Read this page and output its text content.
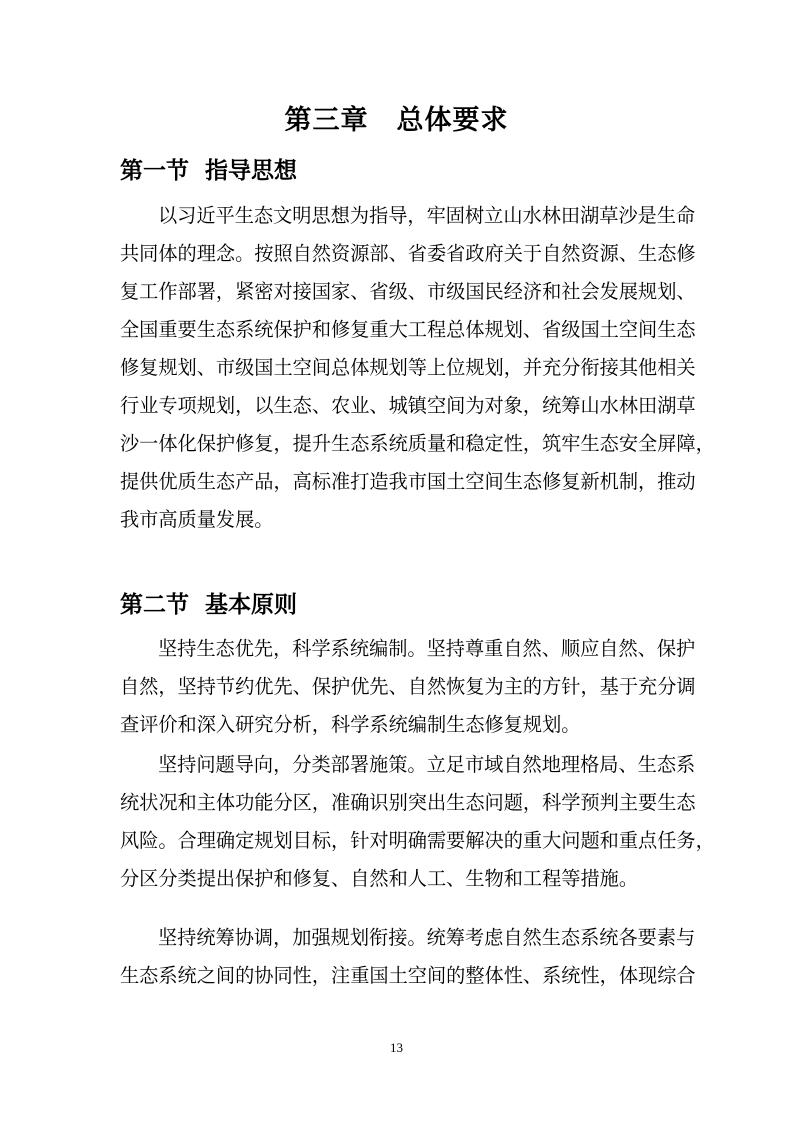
第三章　总体要求
第一节  指导思想

以习近平生态文明思想为指导，牢固树立山水林田湖草沙是生命
共同体的理念。按照自然资源部、省委省政府关于自然资源、生态修
复工作部署，紧密对接国家、省级、市级国民经济和社会发展规划、
全国重要生态系统保护和修复重大工程总体规划、省级国土空间生态
修复规划、市级国土空间总体规划等上位规划，并充分衔接其他相关
行业专项规划，以生态、农业、城镇空间为对象，统筹山水林田湖草
沙一体化保护修复，提升生态系统质量和稳定性，筑牢生态安全屏障，
提供优质生态产品，高标准打造我市国土空间生态修复新机制，推动
我市高质量发展。

第二节  基本原则

坚持生态优先，科学系统编制。坚持尊重自然、顺应自然、保护
自然，坚持节约优先、保护优先、自然恢复为主的方针，基于充分调
查评价和深入研究分析，科学系统编制生态修复规划。

坚持问题导向，分类部署施策。立足市域自然地理格局、生态系
统状况和主体功能分区，准确识别突出生态问题，科学预判主要生态
风险。合理确定规划目标，针对明确需要解决的重大问题和重点任务，
分区分类提出保护和修复、自然和人工、生物和工程等措施。

坚持统筹协调，加强规划衔接。统筹考虑自然生态系统各要素与
生态系统之间的协同性，注重国土空间的整体性、系统性，体现综合

13
